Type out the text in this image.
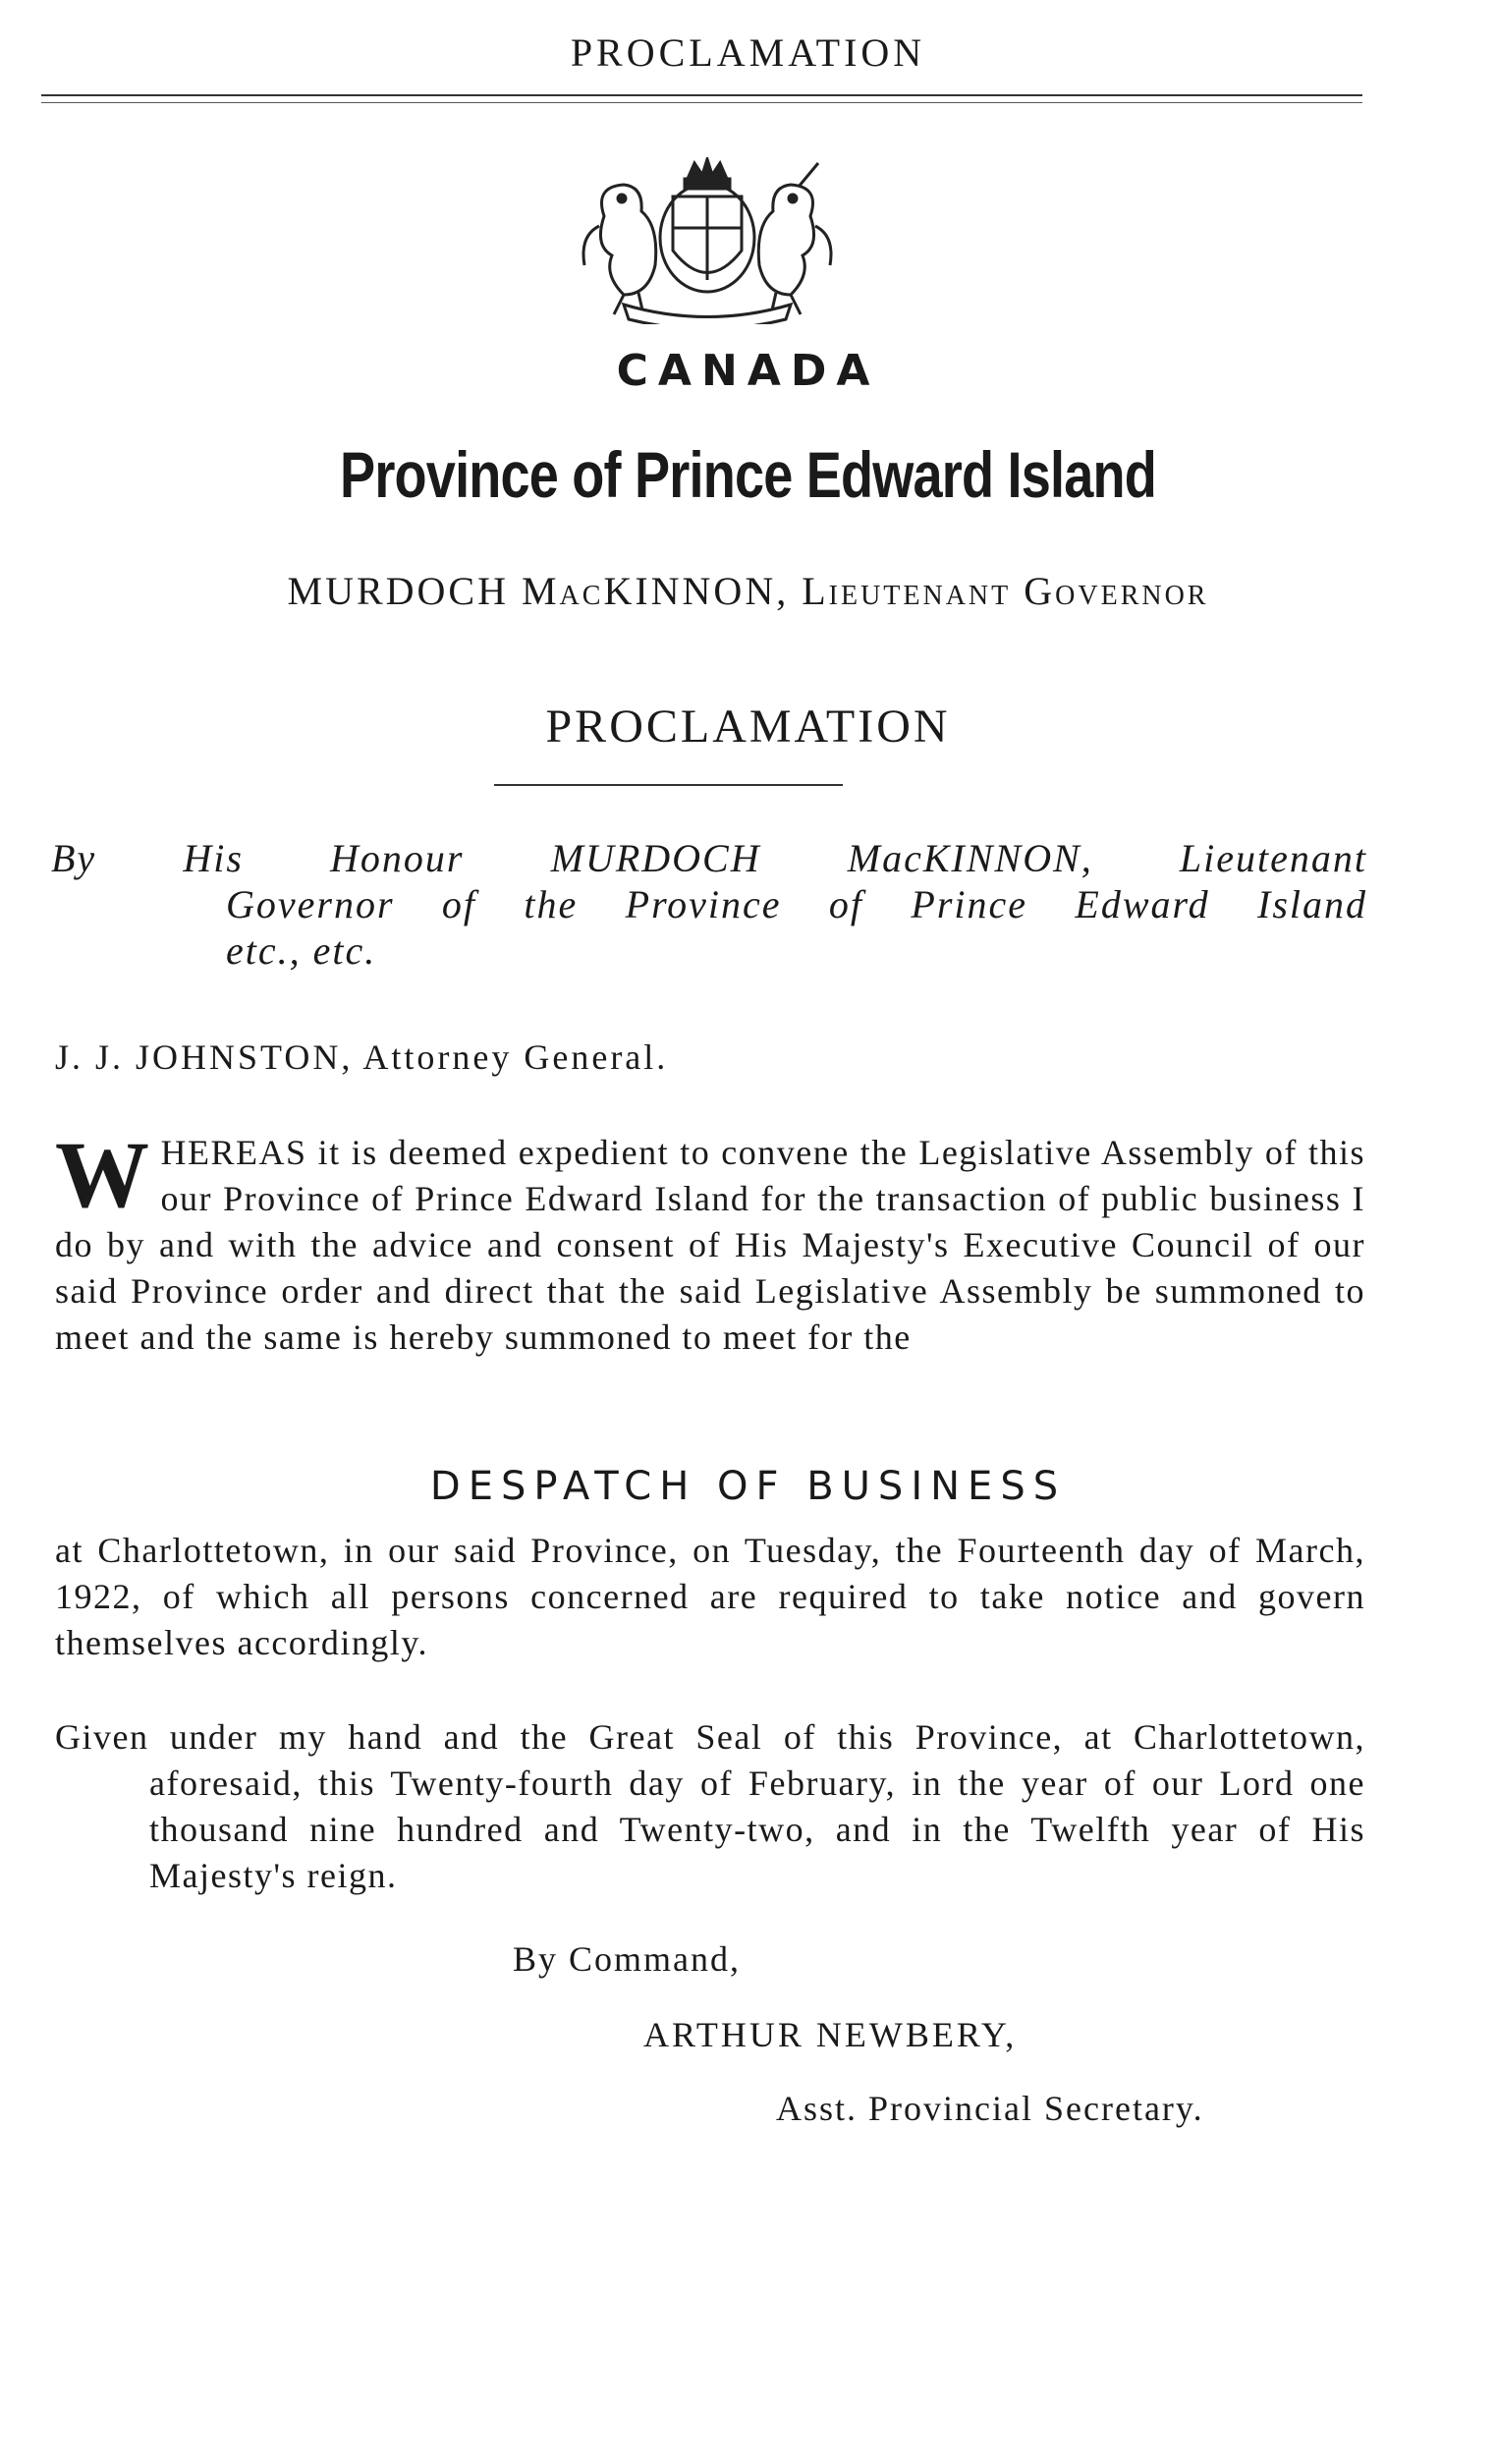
PROCLAMATION
CANADA
Province of Prince Edward Island
MURDOCH MacKINNON, Lieutenant Governor
PROCLAMATION
By His Honour MURDOCH MacKINNON, Lieutenant
Governor of the Province of Prince Edward Island
etc., etc.
J. J. JOHNSTON, Attorney General.
WHEREAS it is deemed expedient to convene the Legislative Assembly of this our Province of Prince Edward Island for the transaction of public business I do by and with the advice and consent of His Majesty's Executive Council of our said Province order and direct that the said Legislative Assembly be summoned to meet and the same is hereby summoned to meet for the
DESPATCH OF BUSINESS
at Charlottetown, in our said Province, on Tuesday, the Fourteenth day of March, 1922, of which all persons concerned are required to take notice and govern themselves accordingly.
Given under my hand and the Great Seal of this Province, at Charlottetown, aforesaid, this Twenty-fourth day of February, in the year of our Lord one thousand nine hundred and Twenty-two, and in the Twelfth year of His Majesty's reign.
By Command,
ARTHUR NEWBERY,
Asst. Provincial Secretary.
